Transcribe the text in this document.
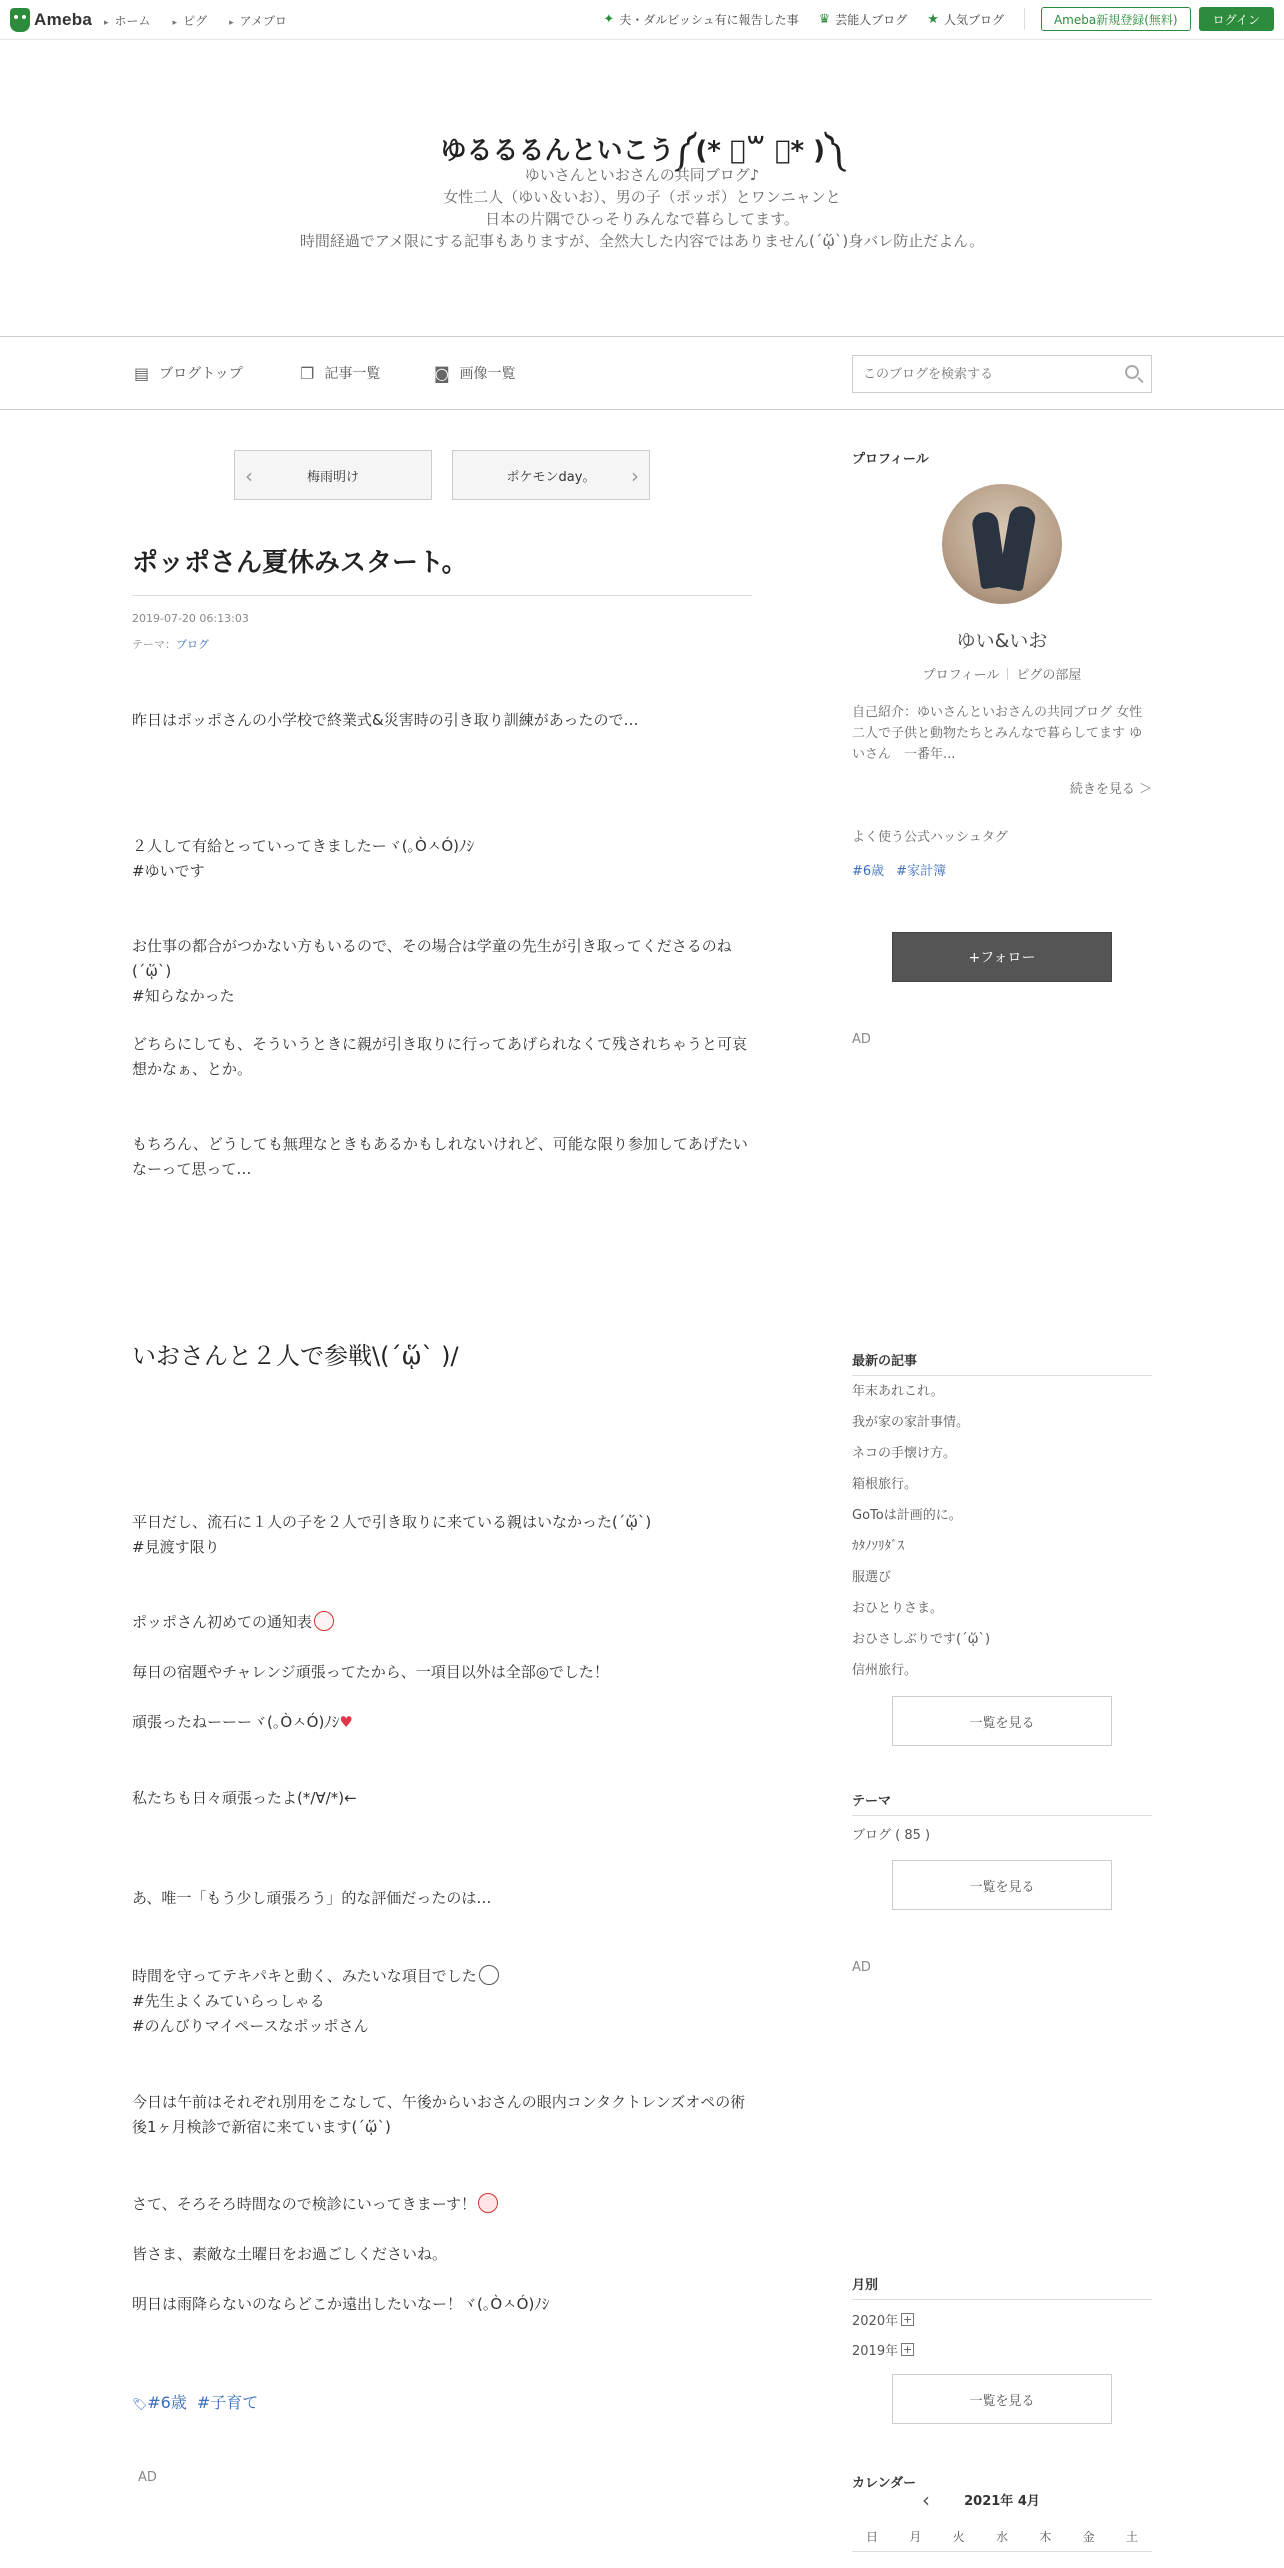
Ameba	▸ ホーム	▸ ピグ	▸ アメブロ	✦ 夫・ダルビッシュ有に報告した事 ♛ 芸能人ブログ ★ 人気ブログ	Ameba新規登録(無料)	ログイン
ゆるるるんといこう༼(* ॑꒳ ॑* )༽
ゆいさんといおさんの共同ブログ♪
女性二人（ゆい＆いお）、男の子（ポッポ）とワンニャンと
日本の片隅でひっそりみんなで暮らしてます。
時間経過でアメ限にする記事もありますが、全然大した内容ではありません(´ᾥ`)身バレ防止だよん。
▤ ブログトップ	❐ 記事一覧	◙ 画像一覧
このブログを検索する
‹	梅雨明け	ポケモンday。 ›
ポッポさん夏休みスタート。
2019-07-20 06:13:03
テーマ：ブログ
昨日はポッポさんの小学校で終業式&災害時の引き取り訓練があったので…
２人して有給とっていってきましたーヾ(｡ÒㅅÓ)ﾉｼ
#ゆいです
お仕事の都合がつかない方もいるので、その場合は学童の先生が引き取ってくださるのね(´ᾥ`)
#知らなかった
どちらにしても、そういうときに親が引き取りに行ってあげられなくて残されちゃうと可哀想かなぁ、とか。
もちろん、どうしても無理なときもあるかもしれないけれど、可能な限り参加してあげたいなーって思って…
いおさんと２人で参戦\(´ᾥ` )/
平日だし、流石に１人の子を２人で引き取りに来ている親はいなかった(´ᾥ`)
#見渡す限り
ポッポさん初めての通知表
毎日の宿題やチャレンジ頑張ってたから、一項目以外は全部◎でした！
頑張ったねーーーヾ(｡ÒㅅÓ)ﾉｼ♥
私たちも日々頑張ったよ(*/∀/*)←
あ、唯一「もう少し頑張ろう」的な評価だったのは…
時間を守ってテキパキと動く、みたいな項目でした
#先生よくみていらっしゃる
#のんびりマイペースなポッポさん
今日は午前はそれぞれ別用をこなして、午後からいおさんの眼内コンタクトレンズオペの術後1ヶ月検診で新宿に来ています(´ᾥ`)
さて、そろそろ時間なので検診にいってきまーす！
皆さま、素敵な土曜日をお過ごしくださいね。
明日は雨降らないのならどこか遠出したいなー！ヾ(｡ÒㅅÓ)ﾉｼ
🏷#6歳 #子育て
AD
プロフィール
ゆい&いお
プロフィール ピグの部屋
自己紹介：ゆいさんといおさんの共同ブログ 女性二人で子供と動物たちとみんなで暮らしてます ゆいさん　一番年...
続きを見る ＞
よく使う公式ハッシュタグ
#6歳 #家計簿
+フォロー
AD
最新の記事
年末あれこれ。
我が家の家計事情。
ネコの手懐け方。
箱根旅行。
GoToは計画的に。
ｶﾀﾉｿﾘﾀﾞｽ
服選び
おひとりさま。
おひさしぶりです(´ᾥ`)
信州旅行。
一覧を見る
テーマ
ブログ ( 85 )
一覧を見る
AD
月別
2020年 +
2019年 +
一覧を見る
カレンダー
‹	2021年 4月
日	月	火	水	木	金	土
